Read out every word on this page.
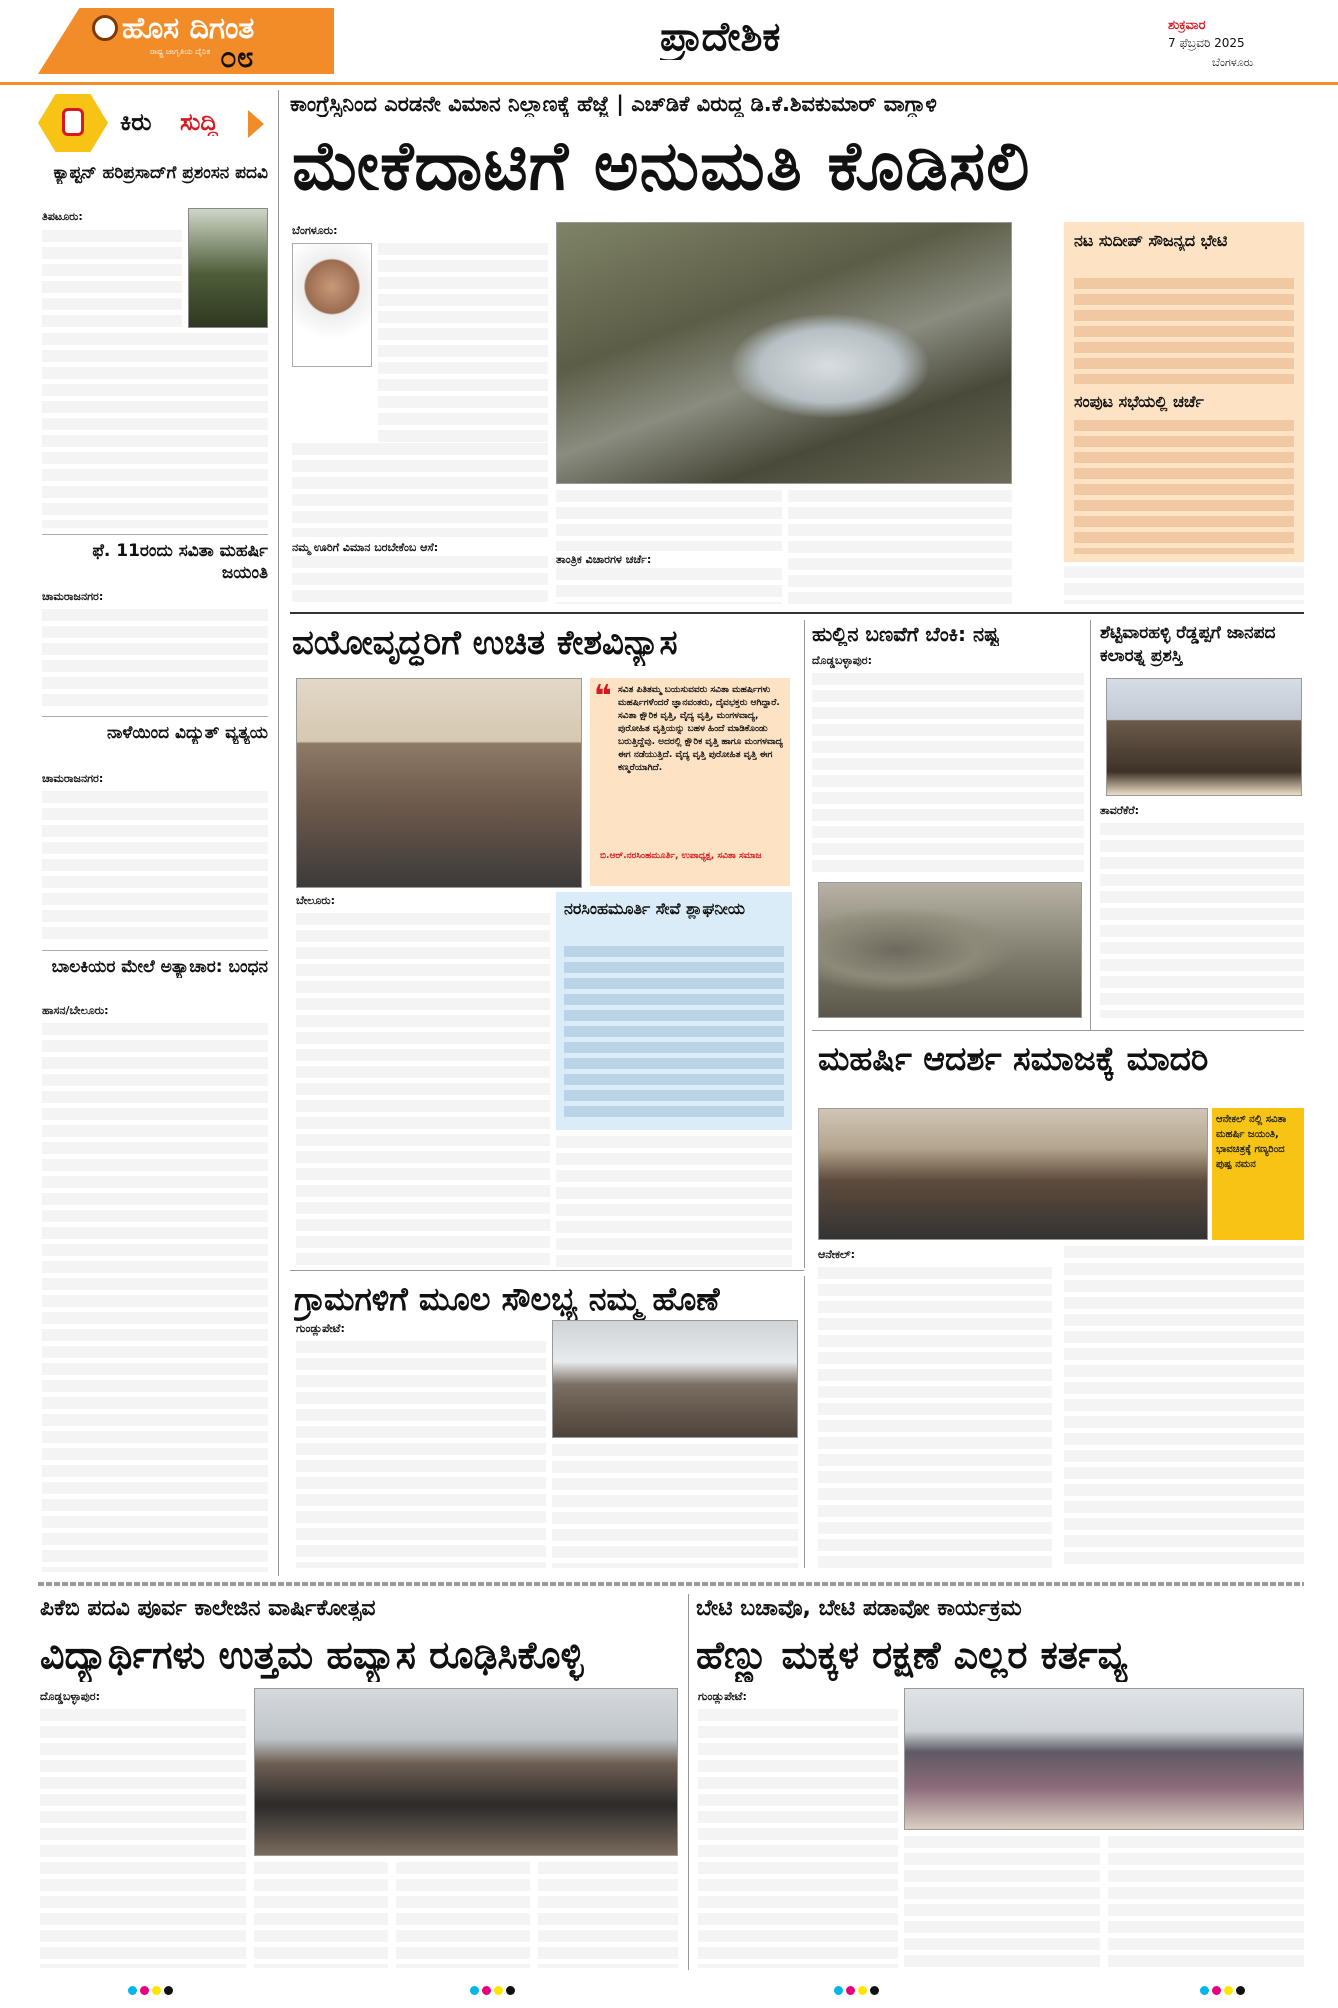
ಹೊಸ ದಿಗಂತ
ರಾಷ್ಟ್ರ ಜಾಗೃತಿಯ ದೈನಿಕ ೦೮	ಪ್ರಾದೇಶಿಕ	ಶುಕ್ರವಾರ
7 ಫೆಬ್ರವರಿ 2025
ಬೆಂಗಳೂರು
ಕಿರು ಸುದ್ದಿ
ಕ್ಯಾಪ್ಟನ್ ಹರಿಪ್ರಸಾದ್‌ಗೆ ಪ್ರಶಂಸನ ಪದವಿ
ತಿಪಟೂರು:
ಫೆ. 11ರಂದು ಸವಿತಾ ಮಹರ್ಷಿ ಜಯಂತಿ
ಚಾಮರಾಜನಗರ:
ನಾಳೆಯಿಂದ ವಿದ್ಯುತ್ ವ್ಯತ್ಯಯ
ಚಾಮರಾಜನಗರ:
ಬಾಲಕಿಯರ ಮೇಲೆ ಅತ್ಯಾಚಾರ: ಬಂಧನ
ಹಾಸನ/ಬೇಲೂರು:
ಕಾಂಗ್ರೆಸ್ಸಿನಿಂದ ಎರಡನೇ ವಿಮಾನ ನಿಲ್ದಾಣಕ್ಕೆ ಹೆಜ್ಜೆ | ಎಚ್‌ಡಿಕೆ ವಿರುದ್ಧ ಡಿ.ಕೆ.ಶಿವಕುಮಾರ್ ವಾಗ್ದಾಳಿ
ಮೇಕೆದಾಟಿಗೆ ಅನುಮತಿ ಕೊಡಿಸಲಿ
ಬೆಂಗಳೂರು:
ನಮ್ಮ ಊರಿಗೆ ವಿಮಾನ ಬರಬೇಕೆಂಬ ಆಸೆ:
ತಾಂತ್ರಿಕ ವಿಚಾರಗಳ ಚರ್ಚೆ:
ನಟ ಸುದೀಪ್ ಸೌಜನ್ಯದ ಭೇಟಿ
ಸಂಪುಟ ಸಭೆಯಲ್ಲಿ ಚರ್ಚೆ
ವಯೋವೃದ್ಧರಿಗೆ ಉಚಿತ ಕೇಶವಿನ್ಯಾಸ
❝ ಸವಿತ ಪಿತಿತಮ್ಮ ಬಯಸುವವರು ಸವಿತಾ ಮಹರ್ಷಿಗಳು ಮಹರ್ಷಿಗಳೆಂದರೆ ಜ್ಞಾನವಂತರು, ದೈವಭಕ್ತರು ಆಗಿದ್ದಾರೆ. ಸವಿತಾ ಕ್ಷೌರಿಕ ವೃತ್ತಿ, ವೈದ್ಯ ವೃತ್ತಿ, ಮಂಗಳವಾದ್ಯ, ಪುರೋಹಿತ ವೃತ್ತಿಯನ್ನು ಬಹಳ ಹಿಂದೆ ಮಾಡಿಕೊಂಡು ಬರುತ್ತಿದ್ದೆವು. ಅದರಲ್ಲಿ ಕ್ಷೌರಿಕ ವೃತ್ತಿ ಹಾಗೂ ಮಂಗಳವಾದ್ಯ ಈಗ ನಡೆಯುತ್ತಿದೆ. ವೈದ್ಯ ವೃತ್ತಿ ಪುರೋಹಿತ ವೃತ್ತಿ ಈಗ ಕಣ್ಮರೆಯಾಗಿದೆ.
ಬಿ.ಆರ್.ನರಸಿಂಹಮೂರ್ತಿ, ಉಪಾಧ್ಯಕ್ಷ, ಸವಿತಾ ಸಮಾಜ
ಬೇಲೂರು:	ನರಸಿಂಹಮೂರ್ತಿ ಸೇವೆ ಶ್ಲಾಘನೀಯ
ಹುಲ್ಲಿನ ಬಣವೆಗೆ ಬೆಂಕಿ: ನಷ್ಟ
ದೊಡ್ಡಬಳ್ಳಾಪುರ:
ಶೆಟ್ಟಿವಾರಹಳ್ಳಿ ರೆಡ್ಡಪ್ಪಗೆ ಜಾನಪದ ಕಲಾರತ್ನ ಪ್ರಶಸ್ತಿ
ತಾವರೆಕೆರೆ:
ಮಹರ್ಷಿ ಆದರ್ಶ ಸಮಾಜಕ್ಕೆ ಮಾದರಿ
ಆನೇಕಲ್ ನಲ್ಲಿ ಸವಿತಾ ಮಹರ್ಷಿ ಜಯಂತಿ, ಭಾವಚಿತ್ರಕ್ಕೆ ಗಣ್ಯರಿಂದ ಪುಷ್ಪ ನಮನ
ಆನೇಕಲ್:
ಗ್ರಾಮಗಳಿಗೆ ಮೂಲ ಸೌಲಭ್ಯ ನಮ್ಮ ಹೊಣೆ
ಗುಂಡ್ಲುಪೇಟೆ:
ಪಿಕೆಬಿ ಪದವಿ ಪೂರ್ವ ಕಾಲೇಜಿನ ವಾರ್ಷಿಕೋತ್ಸವ
ವಿದ್ಯಾರ್ಥಿಗಳು ಉತ್ತಮ ಹವ್ಯಾಸ ರೂಢಿಸಿಕೊಳ್ಳಿ
ದೊಡ್ಡಬಳ್ಳಾಪುರ:
ಬೇಟಿ ಬಚಾವೊ, ಬೇಟಿ ಪಡಾವೋ ಕಾರ್ಯಕ್ರಮ
ಹೆಣ್ಣು ಮಕ್ಕಳ ರಕ್ಷಣೆ ಎಲ್ಲರ ಕರ್ತವ್ಯ
ಗುಂಡ್ಲುಪೇಟೆ:
